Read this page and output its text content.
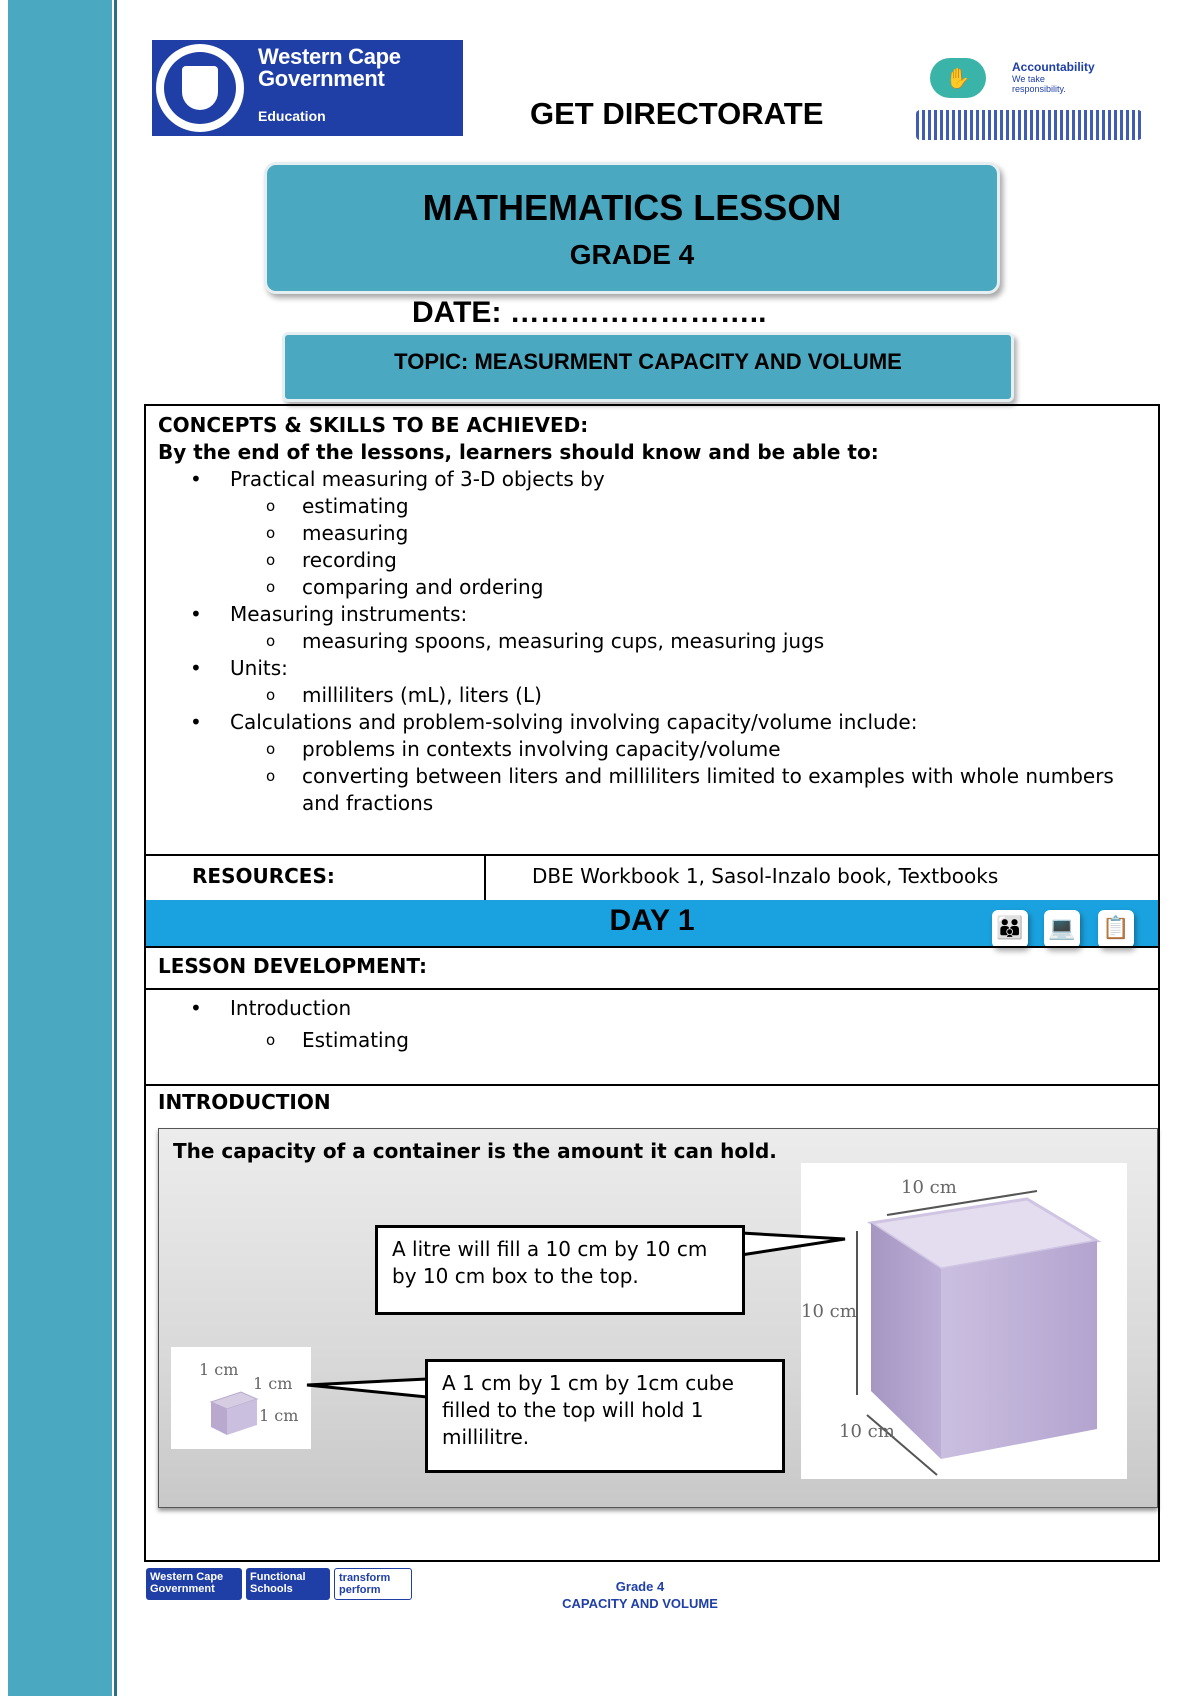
Western Cape
Government
Education	GET DIRECTORATE
✋	Accountability
We take responsibility.
MATHEMATICS LESSON
GRADE 4
DATE: ……………………..
TOPIC: MEASURMENT CAPACITY AND VOLUME
CONCEPTS & SKILLS TO BE ACHIEVED:
By the end of the lessons, learners should know and be able to:
• Practical measuring of 3-D objects by
o estimating
o measuring
o recording
o comparing and ordering
• Measuring instruments:
o measuring spoons, measuring cups, measuring jugs
• Units:
o milliliters (mL), liters (L)
• Calculations and problem-solving involving capacity/volume include:
o problems in contexts involving capacity/volume
o converting between liters and milliliters limited to examples with whole numbers and fractions
RESOURCES:	DBE Workbook 1, Sasol-Inzalo book, Textbooks
DAY 1	👪 💻 📋
LESSON DEVELOPMENT:
• Introduction
o Estimating
INTRODUCTION
The capacity of a container is the amount it can hold.
1 cm
1 cm
1 cm
10 cm
10 cm
10 cm
A litre will fill a 10 cm by 10 cm by 10 cm box to the top.
A 1 cm by 1 cm by 1cm cube filled to the top will hold 1 millilitre.
Western Cape Government
Functional Schools
transform perform	Grade 4
CAPACITY AND VOLUME
